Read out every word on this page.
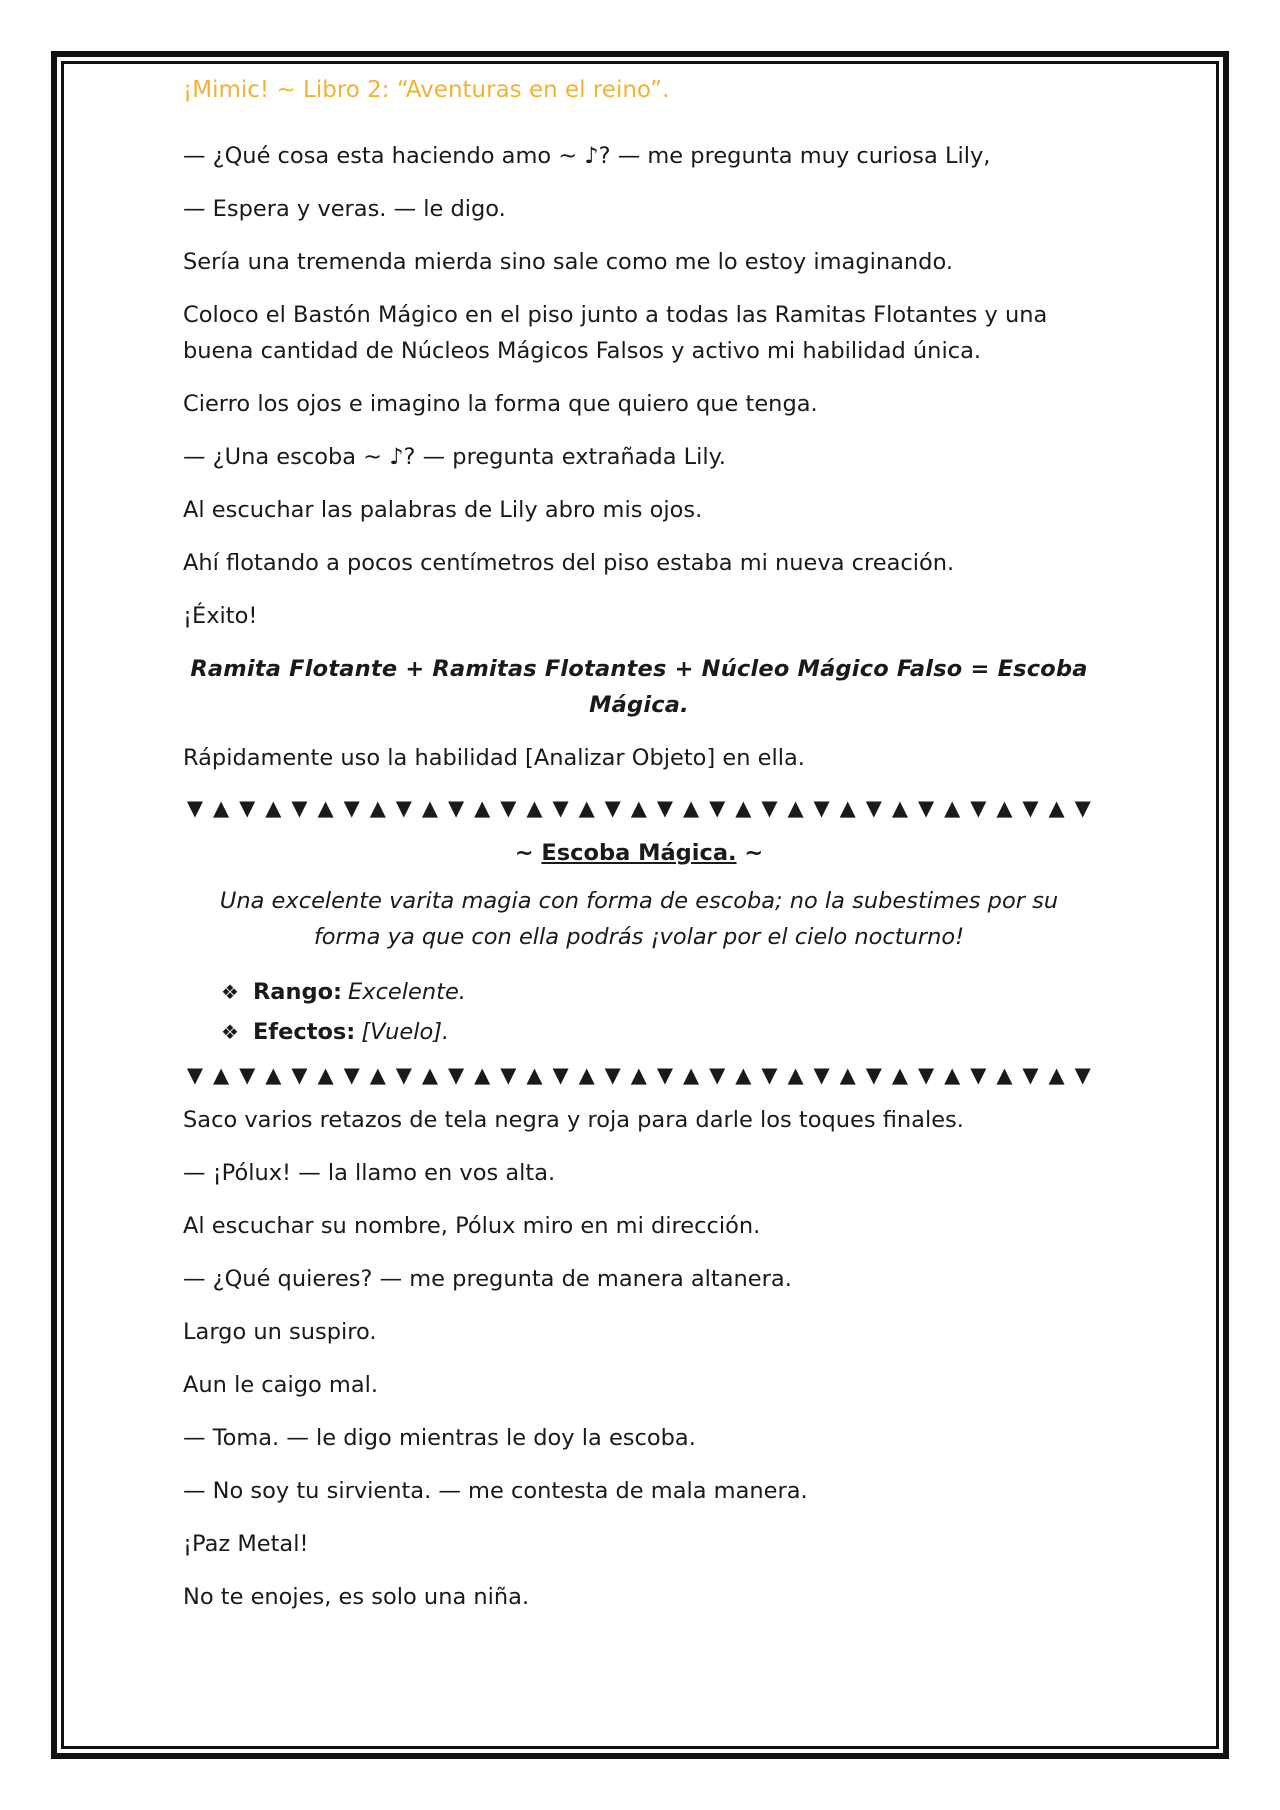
¡Mimic! ~ Libro 2: “Aventuras en el reino”.

— ¿Qué cosa esta haciendo amo ~ ♪? — me pregunta muy curiosa Lily,

— Espera y veras. — le digo.

Sería una tremenda mierda sino sale como me lo estoy imaginando.

Coloco el Bastón Mágico en el piso junto a todas las Ramitas Flotantes y una buena cantidad de Núcleos Mágicos Falsos y activo mi habilidad única.

Cierro los ojos e imagino la forma que quiero que tenga.

— ¿Una escoba ~ ♪? — pregunta extrañada Lily.

Al escuchar las palabras de Lily abro mis ojos.

Ahí flotando a pocos centímetros del piso estaba mi nueva creación.

¡Éxito!

Ramita Flotante + Ramitas Flotantes + Núcleo Mágico Falso = Escoba Mágica.

Rápidamente uso la habilidad [Analizar Objeto] en ella.

▼ ▲ ▼ ▲ ▼ ▲ ▼ ▲ ▼ ▲ ▼ ▲ ▼ ▲ ▼ ▲ ▼ ▲ ▼ ▲ ▼ ▲ ▼ ▲ ▼ ▲ ▼ ▲ ▼ ▲ ▼ ▲ ▼ ▲ ▼
~ Escoba Mágica. ~

Una excelente varita magia con forma de escoba; no la subestimes por su forma ya que con ella podrás ¡volar por el cielo nocturno!

❖ Rango: Excelente.
❖ Efectos: [Vuelo].
▼ ▲ ▼ ▲ ▼ ▲ ▼ ▲ ▼ ▲ ▼ ▲ ▼ ▲ ▼ ▲ ▼ ▲ ▼ ▲ ▼ ▲ ▼ ▲ ▼ ▲ ▼ ▲ ▼ ▲ ▼ ▲ ▼ ▲ ▼

Saco varios retazos de tela negra y roja para darle los toques finales.

— ¡Pólux! — la llamo en vos alta.

Al escuchar su nombre, Pólux miro en mi dirección.

— ¿Qué quieres? — me pregunta de manera altanera.

Largo un suspiro.

Aun le caigo mal.

— Toma. — le digo mientras le doy la escoba.

— No soy tu sirvienta. — me contesta de mala manera.

¡Paz Metal!

No te enojes, es solo una niña.
